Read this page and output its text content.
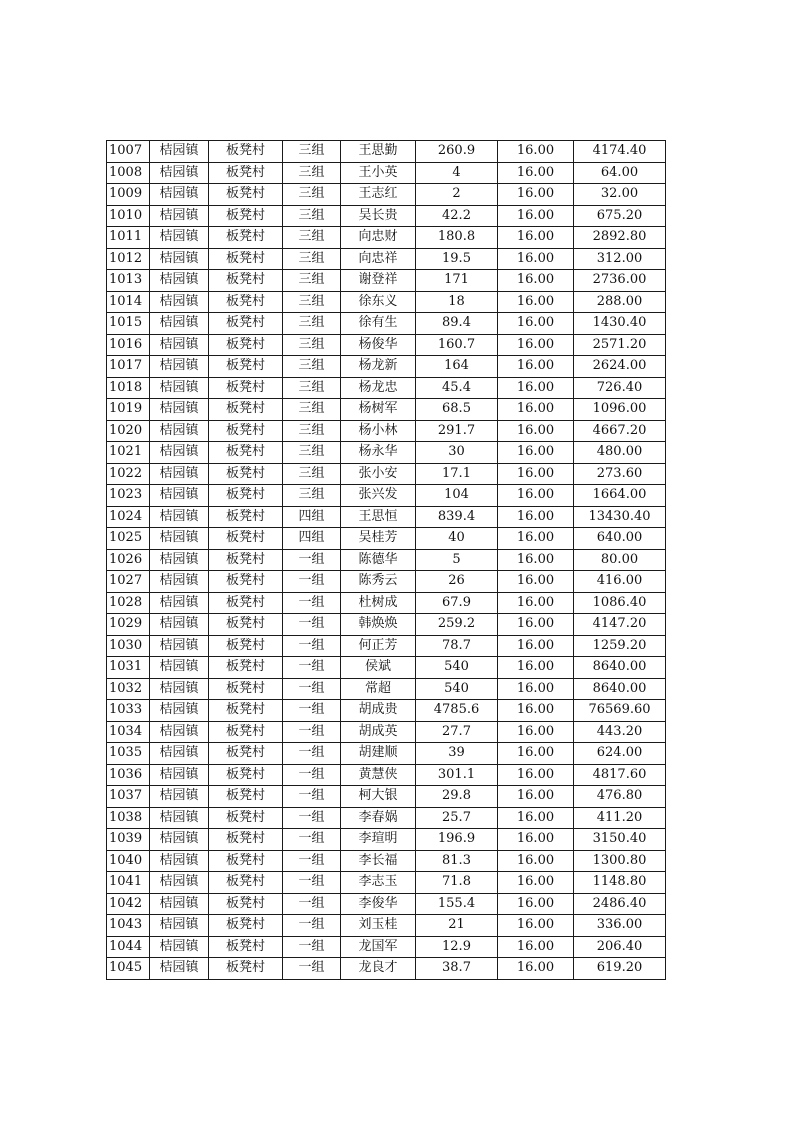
1007	桔园镇	板凳村	三组	王思勤	260.9	16.00	4174.40
1008	桔园镇	板凳村	三组	王小英	4	16.00	64.00
1009	桔园镇	板凳村	三组	王志红	2	16.00	32.00
1010	桔园镇	板凳村	三组	吴长贵	42.2	16.00	675.20
1011	桔园镇	板凳村	三组	向忠财	180.8	16.00	2892.80
1012	桔园镇	板凳村	三组	向忠祥	19.5	16.00	312.00
1013	桔园镇	板凳村	三组	谢登祥	171	16.00	2736.00
1014	桔园镇	板凳村	三组	徐东义	18	16.00	288.00
1015	桔园镇	板凳村	三组	徐有生	89.4	16.00	1430.40
1016	桔园镇	板凳村	三组	杨俊华	160.7	16.00	2571.20
1017	桔园镇	板凳村	三组	杨龙新	164	16.00	2624.00
1018	桔园镇	板凳村	三组	杨龙忠	45.4	16.00	726.40
1019	桔园镇	板凳村	三组	杨树军	68.5	16.00	1096.00
1020	桔园镇	板凳村	三组	杨小林	291.7	16.00	4667.20
1021	桔园镇	板凳村	三组	杨永华	30	16.00	480.00
1022	桔园镇	板凳村	三组	张小安	17.1	16.00	273.60
1023	桔园镇	板凳村	三组	张兴发	104	16.00	1664.00
1024	桔园镇	板凳村	四组	王思恒	839.4	16.00	13430.40
1025	桔园镇	板凳村	四组	吴桂芳	40	16.00	640.00
1026	桔园镇	板凳村	一组	陈德华	5	16.00	80.00
1027	桔园镇	板凳村	一组	陈秀云	26	16.00	416.00
1028	桔园镇	板凳村	一组	杜树成	67.9	16.00	1086.40
1029	桔园镇	板凳村	一组	韩焕焕	259.2	16.00	4147.20
1030	桔园镇	板凳村	一组	何正芳	78.7	16.00	1259.20
1031	桔园镇	板凳村	一组	侯斌	540	16.00	8640.00
1032	桔园镇	板凳村	一组	常超	540	16.00	8640.00
1033	桔园镇	板凳村	一组	胡成贵	4785.6	16.00	76569.60
1034	桔园镇	板凳村	一组	胡成英	27.7	16.00	443.20
1035	桔园镇	板凳村	一组	胡建顺	39	16.00	624.00
1036	桔园镇	板凳村	一组	黄慧侠	301.1	16.00	4817.60
1037	桔园镇	板凳村	一组	柯大银	29.8	16.00	476.80
1038	桔园镇	板凳村	一组	李春娲	25.7	16.00	411.20
1039	桔园镇	板凳村	一组	李瑄明	196.9	16.00	3150.40
1040	桔园镇	板凳村	一组	李长福	81.3	16.00	1300.80
1041	桔园镇	板凳村	一组	李志玉	71.8	16.00	1148.80
1042	桔园镇	板凳村	一组	李俊华	155.4	16.00	2486.40
1043	桔园镇	板凳村	一组	刘玉桂	21	16.00	336.00
1044	桔园镇	板凳村	一组	龙国军	12.9	16.00	206.40
1045	桔园镇	板凳村	一组	龙良才	38.7	16.00	619.20
